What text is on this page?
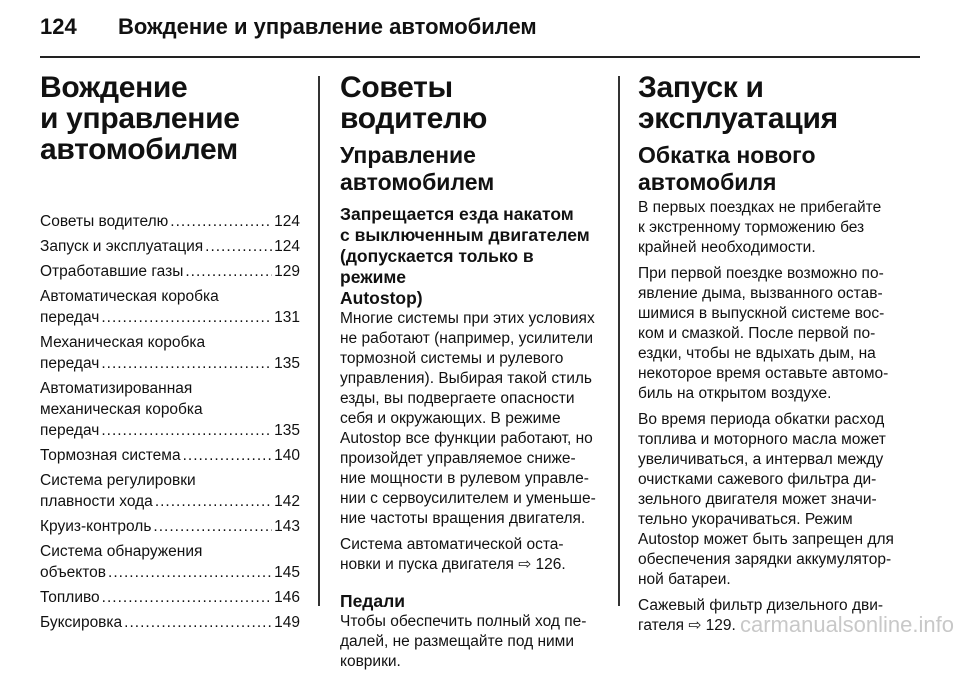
124 Вождение и управление автомобилем
Вождение
и управление
автомобилем
Советы водителю .....	124
Запуск и эксплуатация .....	124
Отработавшие газы .....	129
Автоматическая коробка
передач .....	131
Механическая коробка
передач .....	135
Автоматизированная
механическая коробка
передач .....	135
Тормозная система .....	140
Система регулировки
плавности хода .....	142
Круиз-контроль .....	143
Система обнаружения
объектов .....	145
Топливо .....	146
Буксировка .....	149
Советы водителю
Управление
автомобилем
Запрещается езда накатом
с выключенным двигателем
(допускается только в режиме
Autostop)
Многие системы при этих условиях
не работают (например, усилители
тормозной системы и рулевого
управления). Выбирая такой стиль
езды, вы подвергаете опасности
себя и окружающих. В режиме
Autostop все функции работают, но
произойдет управляемое сниже-
ние мощности в рулевом управле-
нии с сервоусилителем и уменьше-
ние частоты вращения двигателя.
Система автоматической оста-
новки и пуска двигателя ⇨ 126.
Педали
Чтобы обеспечить полный ход пе-
далей, не размещайте под ними
коврики.
Запуск и эксплуатация
Обкатка нового
автомобиля
В первых поездках не прибегайте
к экстренному торможению без
крайней необходимости.
При первой поездке возможно по-
явление дыма, вызванного остав-
шимися в выпускной системе вос-
ком и смазкой. После первой по-
ездки, чтобы не вдыхать дым, на
некоторое время оставьте автомо-
биль на открытом воздухе.
Во время периода обкатки расход
топлива и моторного масла может
увеличиваться, а интервал между
очистками сажевого фильтра ди-
зельного двигателя может значи-
тельно укорачиваться. Режим
Autostop может быть запрещен для
обеспечения зарядки аккумулятор-
ной батареи.
Сажевый фильтр дизельного дви-
гателя ⇨ 129. carmanualsonline.info
